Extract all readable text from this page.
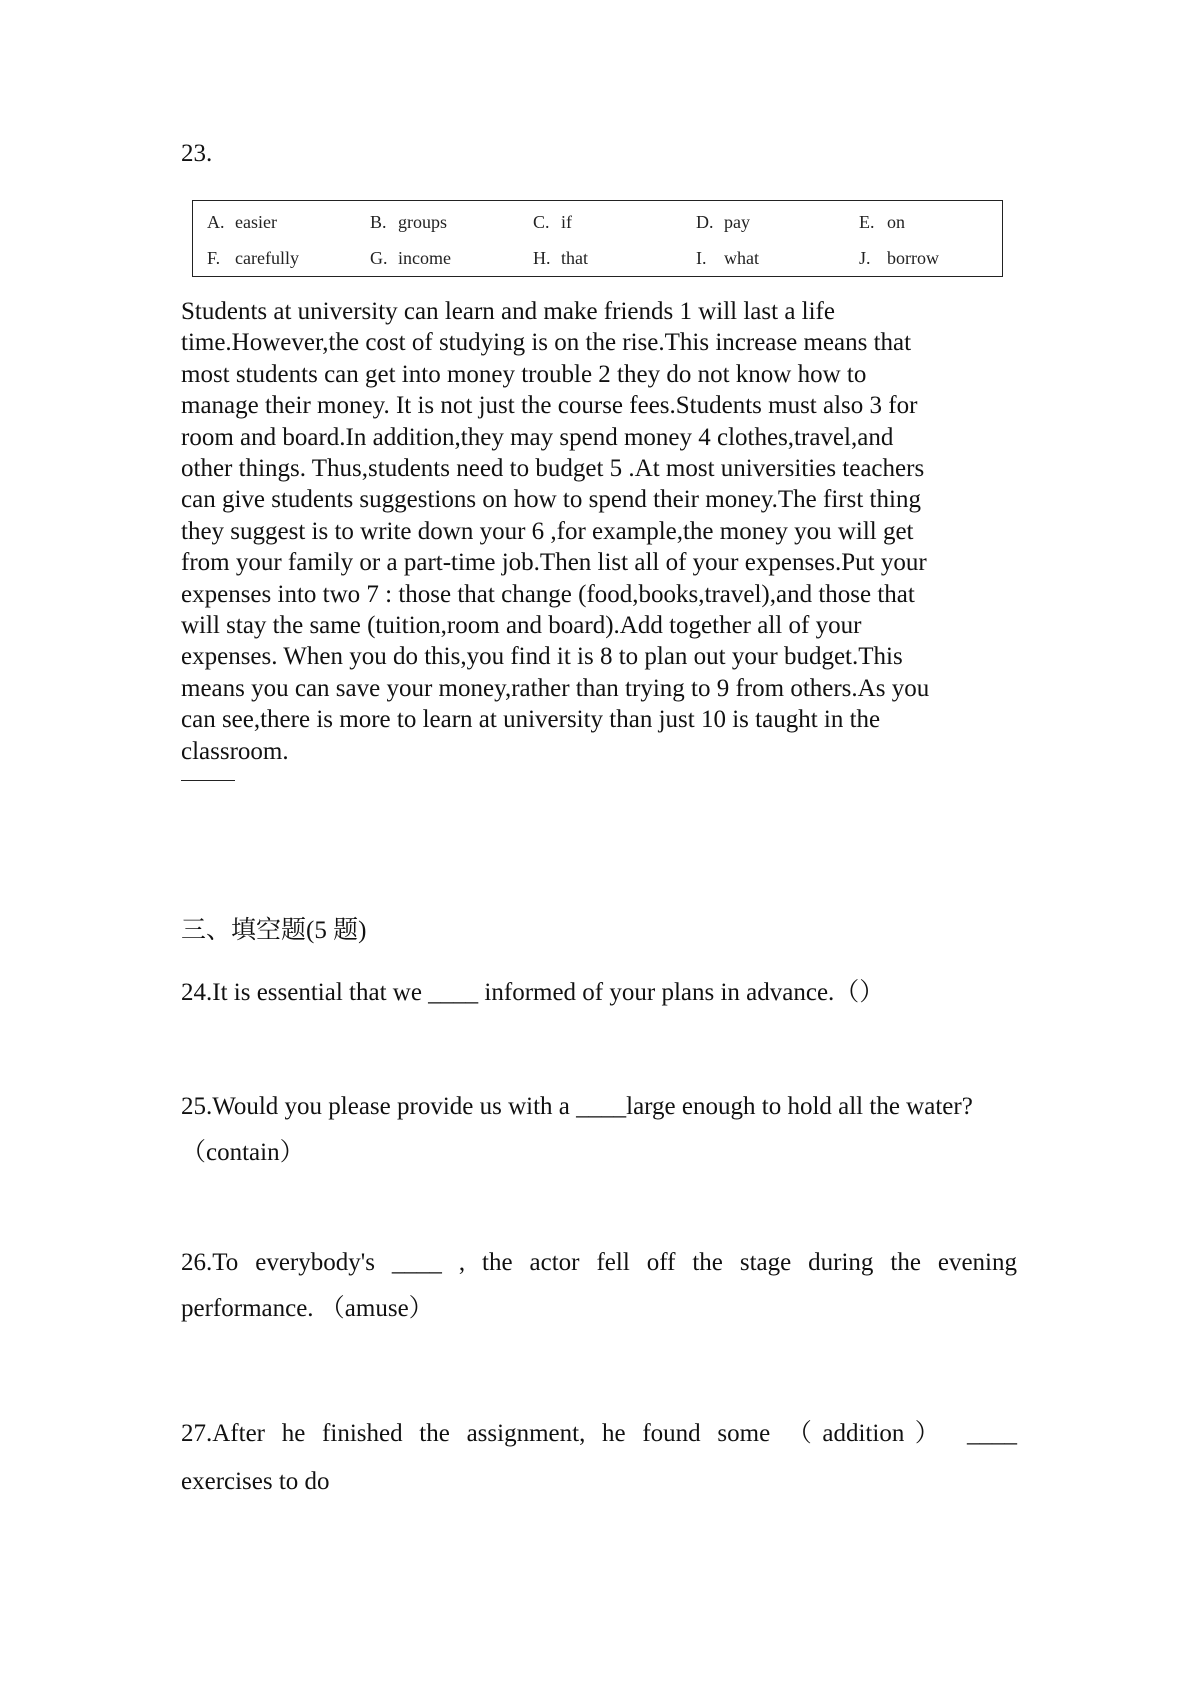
23.
A. easier	B. groups	C. if	D. pay	E. on
F. carefully	G. income	H. that	I. what	J. borrow
Students at university can learn and make friends 1 will last a life
time.However,the cost of studying is on the rise.This increase means that
most students can get into money trouble 2 they do not know how to
manage their money. It is not just the course fees.Students must also 3 for
room and board.In addition,they may spend money 4 clothes,travel,and
other things. Thus,students need to budget 5 .At most universities teachers
can give students suggestions on how to spend their money.The first thing
they suggest is to write down your 6 ,for example,the money you will get
from your family or a part-time job.Then list all of your expenses.Put your
expenses into two 7 : those that change (food,books,travel),and those that
will stay the same (tuition,room and board).Add together all of your
expenses. When you do this,you find it is 8 to plan out your budget.This
means you can save your money,rather than trying to 9 from others.As you
can see,there is more to learn at university than just 10 is taught in the
classroom.
三、填空题(5 题)
24.It is essential that we ____ informed of your plans in advance.（）
25.Would you please provide us with a ____large enough to hold all the water?
（contain）
26.To everybody's ____ , the actor fell off the stage during the evening
performance. （amuse）
27.After he finished the assignment, he found some （addition） ____
exercises to do
